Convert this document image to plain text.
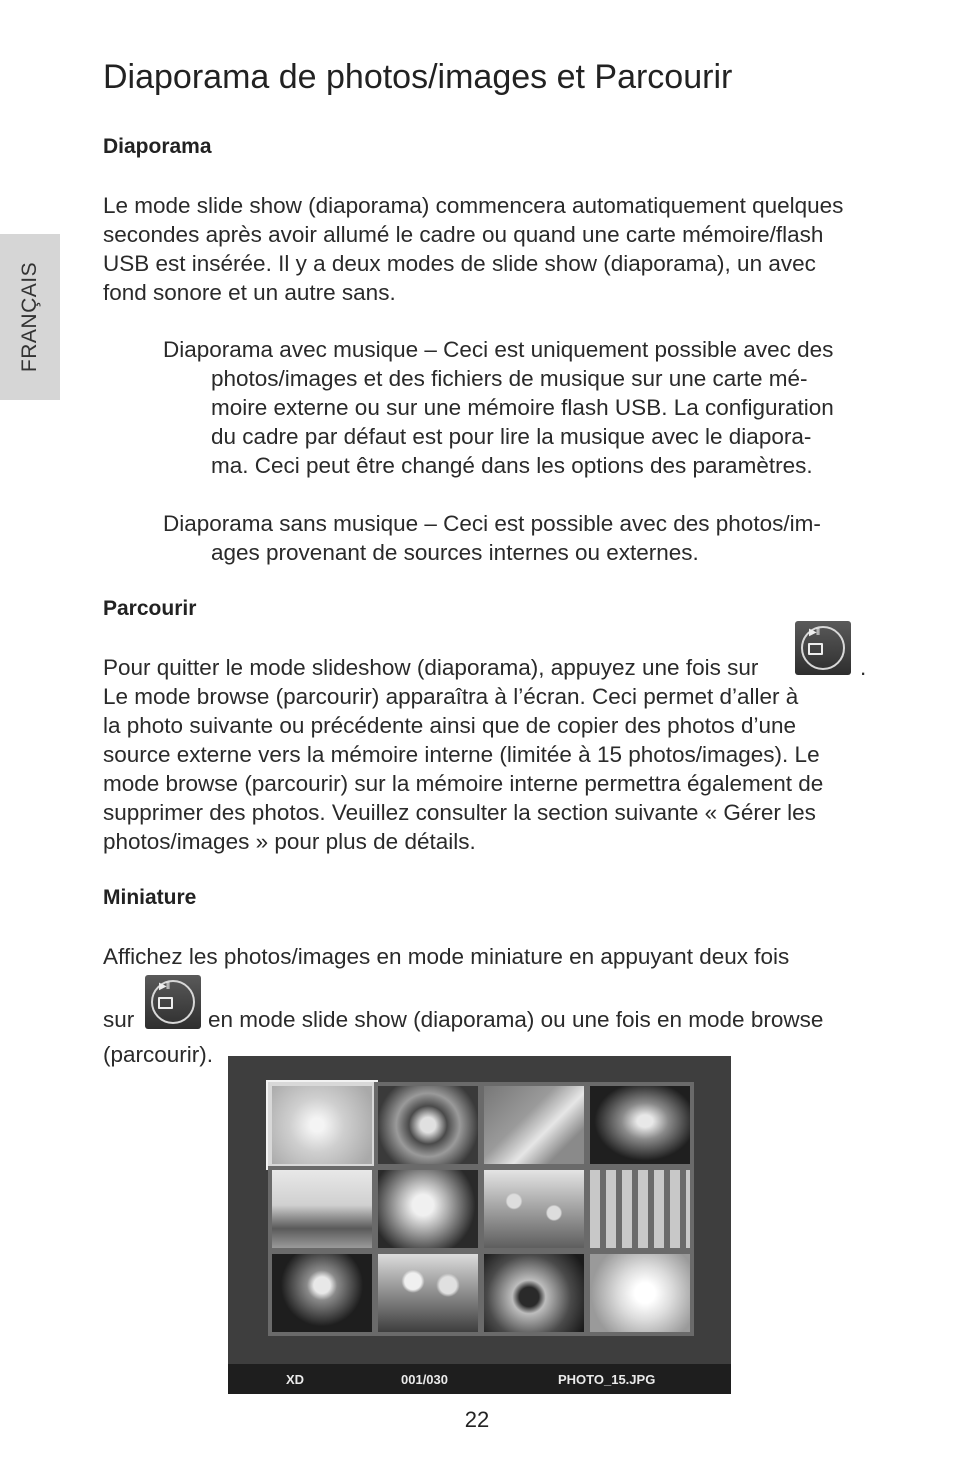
FRANÇAIS
Diaporama de photos/images et Parcourir
Diaporama

Le mode slide show (diaporama) commencera automatiquement quelques
secondes après avoir allumé le cadre ou quand une carte mémoire/flash
USB est insérée. Il y a deux modes de slide show (diaporama), un avec
fond sonore et un autre sans.

Diaporama avec musique – Ceci est uniquement possible avec des
photos/images et des fichiers de musique sur une carte mé-
moire externe ou sur une mémoire flash USB. La configuration
du cadre par défaut est pour lire la musique avec le diapora-
ma. Ceci peut être changé dans les options des paramètres.

Diaporama sans musique – Ceci est possible avec des photos/im-
ages provenant de sources internes ou externes.

Parcourir
Pour quitter le mode slideshow (diaporama), appuyez une fois sur
▶II
.

Le mode browse (parcourir) apparaîtra à l’écran. Ceci permet d’aller à
la photo suivante ou précédente ainsi que de copier des photos d’une
source externe vers la mémoire interne (limitée à 15 photos/images). Le
mode browse (parcourir) sur la mémoire interne permettra également de
supprimer des photos. Veuillez consulter la section suivante « Gérer les
photos/images » pour plus de détails.

Miniature
Affichez les photos/images en mode miniature en appuyant deux fois
sur
▶II
en mode slide show (diaporama) ou une fois en mode browse
(parcourir).
XD	001/030	PHOTO_15.JPG
22
